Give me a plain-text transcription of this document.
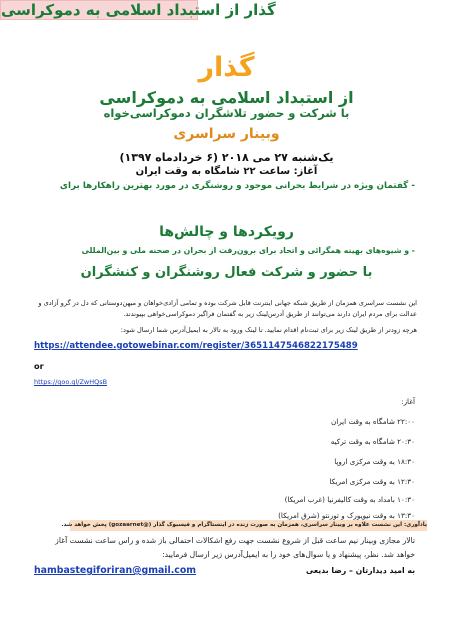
گذار
از استبداد اسلامی به دموکراسی
با شرکت و حضور تلاشگران دموکراسی‌خواه
وبینار سراسری
یک‌شنبه ۲۷ می ۲۰۱۸ (۶ خرداد‌ماه ۱۳۹۷)
آغاز: ساعت ۲۲ شامگاه به وقت ایران
- گفتمان ویژه در شرایط بحرانی موجود و روشنگری در مورد بهترین راهکارها برای
گذار از استبداد اسلامی به دموکراسی
رویکردها و چالش‌ها
- و شیوه‌های بهینه همگرائی و اتحاد برای برون‌رفت از بحران در صحنه ملی و بین‌المللی
با حضور و شرکت فعال روشنگران و کنشگران
این نشست سراسری همزمان از طریق شبکه جهانی اینترنت قابل شرکت بوده و تمامی آزادی‌خواهان و میهن‌دوستانی که دل در گرو آزادی و عدالت برای مردم ایران دارند می‌توانند از طریق آدرس‌لینک زیر به گفتمان فراگیر دموکراسی‌خواهی بپیوندند.
هرچه زودتر از طریق لینک زیر برای ثبت‌نام اقدام نمایید. تا لینک ورود به تالار به ایمیل‌آدرس شما ارسال شود:
https://attendee.gotowebinar.com/register/3651147546822175489
or
https://goo.gl/ZwHQsB
آغاز:
۲۲:۰۰ شامگاه به وقت ایران
۲۰:۳۰ شامگاه به وقت ترکیه
۱۸:۳۰ به وقت مرکزی اروپا
۱۲:۳۰ به وقت مرکزی امریکا
۱۰:۳۰ بامداد به وقت کالیفرنیا (غرب امریکا)
۱۳:۳۰ به وقت نیویورک و تورنتو (شرق امریکا)
یادآوری: این نشست علاوه بر وبینار سراسری، همزمان به صورت زنده در اینستاگرام و فیسبوک گذار (@gozaarnet) پخش خواهد شد.
تالار مجازی وبینار نیم ساعت قبل از شروع نشست جهت رفع اشکالات احتمالی باز شده و راس ساعت نشست آغاز
خواهد شد. نظر، پیشنهاد و یا سوال‌های خود را به ایمیل‌آدرس زیر ارسال فرمایید:
hambastegiforiran@gmail.com	به امید دیدارتان – رضا بدیعی
